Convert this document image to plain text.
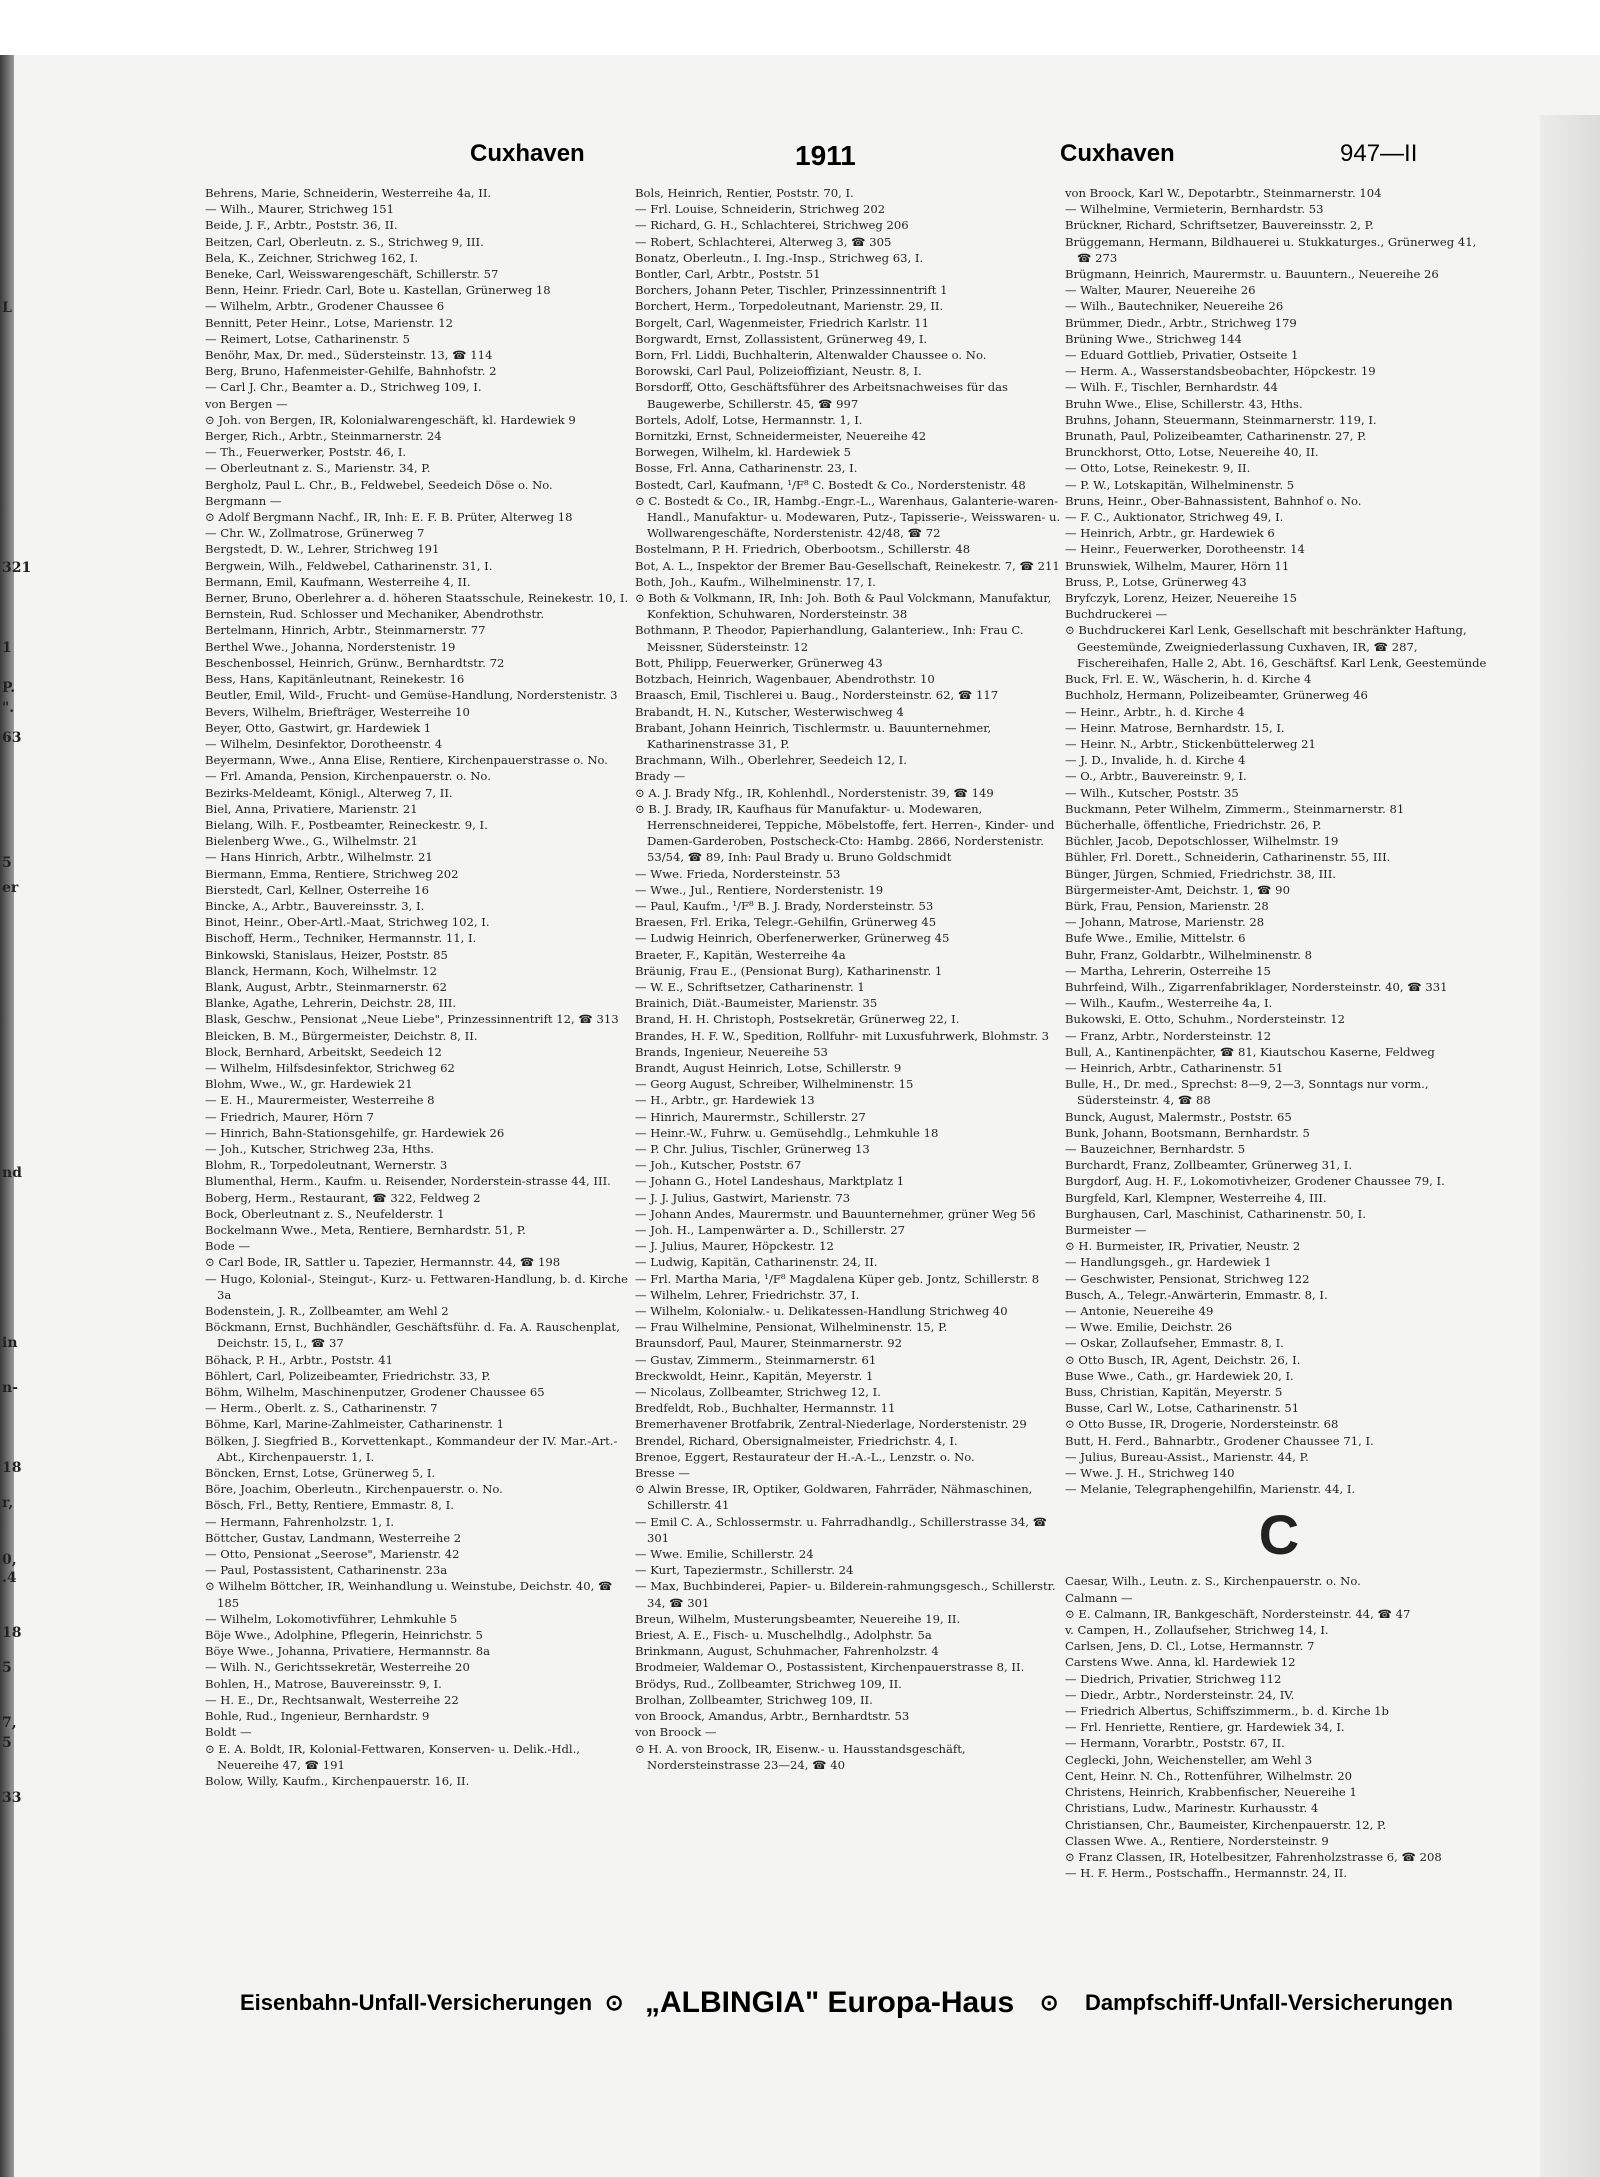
L
321
1
P.
".
63
5
er
nd
in
n-
18
r,
0,
.4
18
5
7,
5
33
Cuxhaven	1911	Cuxhaven	947—II
Behrens, Marie, Schneiderin, Westerreihe 4a, II.
— Wilh., Maurer, Strichweg 151
Beide, J. F., Arbtr., Poststr. 36, II.
Beitzen, Carl, Oberleutn. z. S., Strichweg 9, III.
Bela, K., Zeichner, Strichweg 162, I.
Beneke, Carl, Weisswarengeschäft, Schillerstr. 57
Benn, Heinr. Friedr. Carl, Bote u. Kastellan, Grünerweg 18
— Wilhelm, Arbtr., Grodener Chaussee 6
Bennitt, Peter Heinr., Lotse, Marienstr. 12
— Reimert, Lotse, Catharinenstr. 5
Benöhr, Max, Dr. med., Südersteinstr. 13, ☎ 114
Berg, Bruno, Hafenmeister-Gehilfe, Bahnhofstr. 2
— Carl J. Chr., Beamter a. D., Strichweg 109, I.
von Bergen —
⊙ Joh. von Bergen, IR, Kolonialwarengeschäft, kl. Hardewiek 9
Berger, Rich., Arbtr., Steinmarnerstr. 24
— Th., Feuerwerker, Poststr. 46, I.
— Oberleutnant z. S., Marienstr. 34, P.
Bergholz, Paul L. Chr., B., Feldwebel, Seedeich Döse o. No.
Bergmann —
⊙ Adolf Bergmann Nachf., IR, Inh: E. F. B. Prüter, Alterweg 18
— Chr. W., Zollmatrose, Grünerweg 7
Bergstedt, D. W., Lehrer, Strichweg 191
Bergwein, Wilh., Feldwebel, Catharinenstr. 31, I.
Bermann, Emil, Kaufmann, Westerreihe 4, II.
Berner, Bruno, Oberlehrer a. d. höheren Staatsschule, Reinekestr. 10, I.
Bernstein, Rud. Schlosser und Mechaniker, Abendrothstr.
Bertelmann, Hinrich, Arbtr., Steinmarnerstr. 77
Berthel Wwe., Johanna, Norderstenistr. 19
Beschenbossel, Heinrich, Grünw., Bernhardtstr. 72
Bess, Hans, Kapitänleutnant, Reinekestr. 16
Beutler, Emil, Wild-, Frucht- und Gemüse-Handlung, Norderstenistr. 3
Bevers, Wilhelm, Briefträger, Westerreihe 10
Beyer, Otto, Gastwirt, gr. Hardewiek 1
— Wilhelm, Desinfektor, Dorotheenstr. 4
Beyermann, Wwe., Anna Elise, Rentiere, Kirchenpauerstrasse o. No.
— Frl. Amanda, Pension, Kirchenpauerstr. o. No.
Bezirks-Meldeamt, Königl., Alterweg 7, II.
Biel, Anna, Privatiere, Marienstr. 21
Bielang, Wilh. F., Postbeamter, Reineckestr. 9, I.
Bielenberg Wwe., G., Wilhelmstr. 21
— Hans Hinrich, Arbtr., Wilhelmstr. 21
Biermann, Emma, Rentiere, Strichweg 202
Bierstedt, Carl, Kellner, Osterreihe 16
Bincke, A., Arbtr., Bauvereinsstr. 3, I.
Binot, Heinr., Ober-Artl.-Maat, Strichweg 102, I.
Bischoff, Herm., Techniker, Hermannstr. 11, I.
Binkowski, Stanislaus, Heizer, Poststr. 85
Blanck, Hermann, Koch, Wilhelmstr. 12
Blank, August, Arbtr., Steinmarnerstr. 62
Blanke, Agathe, Lehrerin, Deichstr. 28, III.
Blask, Geschw., Pensionat „Neue Liebe", Prinzessinnentrift 12, ☎ 313
Bleicken, B. M., Bürgermeister, Deichstr. 8, II.
Block, Bernhard, Arbeitskt, Seedeich 12
— Wilhelm, Hilfsdesinfektor, Strichweg 62
Blohm, Wwe., W., gr. Hardewiek 21
— E. H., Maurermeister, Westerreihe 8
— Friedrich, Maurer, Hörn 7
— Hinrich, Bahn-Stationsgehilfe, gr. Hardewiek 26
— Joh., Kutscher, Strichweg 23a, Hths.
Blohm, R., Torpedoleutnant, Wernerstr. 3
Blumenthal, Herm., Kaufm. u. Reisender, Norderstein-strasse 44, III.
Boberg, Herm., Restaurant, ☎ 322, Feldweg 2
Bock, Oberleutnant z. S., Neufelderstr. 1
Bockelmann Wwe., Meta, Rentiere, Bernhardstr. 51, P.
Bode —
⊙ Carl Bode, IR, Sattler u. Tapezier, Hermannstr. 44, ☎ 198
— Hugo, Kolonial-, Steingut-, Kurz- u. Fettwaren-Handlung, b. d. Kirche 3a
Bodenstein, J. R., Zollbeamter, am Wehl 2
Böckmann, Ernst, Buchhändler, Geschäftsführ. d. Fa. A. Rauschenplat, Deichstr. 15, I., ☎ 37
Böhack, P. H., Arbtr., Poststr. 41
Böhlert, Carl, Polizeibeamter, Friedrichstr. 33, P.
Böhm, Wilhelm, Maschinenputzer, Grodener Chaussee 65
— Herm., Oberlt. z. S., Catharinenstr. 7
Böhme, Karl, Marine-Zahlmeister, Catharinenstr. 1
Bölken, J. Siegfried B., Korvettenkapt., Kommandeur der IV. Mar.-Art.-Abt., Kirchenpauerstr. 1, I.
Böncken, Ernst, Lotse, Grünerweg 5, I.
Böre, Joachim, Oberleutn., Kirchenpauerstr. o. No.
Bösch, Frl., Betty, Rentiere, Emmastr. 8, I.
— Hermann, Fahrenholzstr. 1, I.
Böttcher, Gustav, Landmann, Westerreihe 2
— Otto, Pensionat „Seerose", Marienstr. 42
— Paul, Postassistent, Catharinenstr. 23a
⊙ Wilhelm Böttcher, IR, Weinhandlung u. Weinstube, Deichstr. 40, ☎ 185
— Wilhelm, Lokomotivführer, Lehmkuhle 5
Böje Wwe., Adolphine, Pflegerin, Heinrichstr. 5
Böye Wwe., Johanna, Privatiere, Hermannstr. 8a
— Wilh. N., Gerichtssekretär, Westerreihe 20
Bohlen, H., Matrose, Bauvereinsstr. 9, I.
— H. E., Dr., Rechtsanwalt, Westerreihe 22
Bohle, Rud., Ingenieur, Bernhardstr. 9
Boldt —
⊙ E. A. Boldt, IR, Kolonial-Fettwaren, Konserven- u. Delik.-Hdl., Neuereihe 47, ☎ 191
Bolow, Willy, Kaufm., Kirchenpauerstr. 16, II.
Bols, Heinrich, Rentier, Poststr. 70, I.
— Frl. Louise, Schneiderin, Strichweg 202
— Richard, G. H., Schlachterei, Strichweg 206
— Robert, Schlachterei, Alterweg 3, ☎ 305
Bonatz, Oberleutn., I. Ing.-Insp., Strichweg 63, I.
Bontler, Carl, Arbtr., Poststr. 51
Borchers, Johann Peter, Tischler, Prinzessinnentrift 1
Borchert, Herm., Torpedoleutnant, Marienstr. 29, II.
Borgelt, Carl, Wagenmeister, Friedrich Karlstr. 11
Borgwardt, Ernst, Zollassistent, Grünerweg 49, I.
Born, Frl. Liddi, Buchhalterin, Altenwalder Chaussee o. No.
Borowski, Carl Paul, Polizeioffiziant, Neustr. 8, I.
Borsdorff, Otto, Geschäftsführer des Arbeitsnachweises für das Baugewerbe, Schillerstr. 45, ☎ 997
Bortels, Adolf, Lotse, Hermannstr. 1, I.
Bornitzki, Ernst, Schneidermeister, Neuereihe 42
Borwegen, Wilhelm, kl. Hardewiek 5
Bosse, Frl. Anna, Catharinenstr. 23, I.
Bostedt, Carl, Kaufmann, ¹/F⁸ C. Bostedt & Co., Norderstenistr. 48
⊙ C. Bostedt & Co., IR, Hambg.-Engr.-L., Warenhaus, Galanterie-waren-Handl., Manufaktur- u. Modewaren, Putz-, Tapisserie-, Weisswaren- u. Wollwarengeschäfte, Norderstenistr. 42/48, ☎ 72
Bostelmann, P. H. Friedrich, Oberbootsm., Schillerstr. 48
Bot, A. L., Inspektor der Bremer Bau-Gesellschaft, Reinekestr. 7, ☎ 211
Both, Joh., Kaufm., Wilhelminenstr. 17, I.
⊙ Both & Volkmann, IR, Inh: Joh. Both & Paul Volckmann, Manufaktur, Konfektion, Schuhwaren, Nordersteinstr. 38
Bothmann, P. Theodor, Papierhandlung, Galanteriew., Inh: Frau C. Meissner, Südersteinstr. 12
Bott, Philipp, Feuerwerker, Grünerweg 43
Botzbach, Heinrich, Wagenbauer, Abendrothstr. 10
Braasch, Emil, Tischlerei u. Baug., Nordersteinstr. 62, ☎ 117
Brabandt, H. N., Kutscher, Westerwischweg 4
Brabant, Johann Heinrich, Tischlermstr. u. Bauunternehmer, Katharinenstrasse 31, P.
Brachmann, Wilh., Oberlehrer, Seedeich 12, I.
Brady —
⊙ A. J. Brady Nfg., IR, Kohlenhdl., Norderstenistr. 39, ☎ 149
⊙ B. J. Brady, IR, Kaufhaus für Manufaktur- u. Modewaren, Herrenschneiderei, Teppiche, Möbelstoffe, fert. Herren-, Kinder- und Damen-Garderoben, Postscheck-Cto: Hambg. 2866, Norderstenistr. 53/54, ☎ 89, Inh: Paul Brady u. Bruno Goldschmidt
— Wwe. Frieda, Nordersteinstr. 53
— Wwe., Jul., Rentiere, Norderstenistr. 19
— Paul, Kaufm., ¹/F⁸ B. J. Brady, Nordersteinstr. 53
Braesen, Frl. Erika, Telegr.-Gehilfin, Grünerweg 45
— Ludwig Heinrich, Oberfenerwerker, Grünerweg 45
Braeter, F., Kapitän, Westerreihe 4a
Bräunig, Frau E., (Pensionat Burg), Katharinenstr. 1
— W. E., Schriftsetzer, Catharinenstr. 1
Brainich, Diät.-Baumeister, Marienstr. 35
Brand, H. H. Christoph, Postsekretär, Grünerweg 22, I.
Brandes, H. F. W., Spedition, Rollfuhr- mit Luxusfuhrwerk, Blohmstr. 3
Brands, Ingenieur, Neuereihe 53
Brandt, August Heinrich, Lotse, Schillerstr. 9
— Georg August, Schreiber, Wilhelminenstr. 15
— H., Arbtr., gr. Hardewiek 13
— Hinrich, Maurermstr., Schillerstr. 27
— Heinr.-W., Fuhrw. u. Gemüsehdlg., Lehmkuhle 18
— P. Chr. Julius, Tischler, Grünerweg 13
— Joh., Kutscher, Poststr. 67
— Johann G., Hotel Landeshaus, Marktplatz 1
— J. J. Julius, Gastwirt, Marienstr. 73
— Johann Andes, Maurermstr. und Bauunternehmer, grüner Weg 56
— Joh. H., Lampenwärter a. D., Schillerstr. 27
— J. Julius, Maurer, Höpckestr. 12
— Ludwig, Kapitän, Catharinenstr. 24, II.
— Frl. Martha Maria, ¹/F⁸ Magdalena Küper geb. Jontz, Schillerstr. 8
— Wilhelm, Lehrer, Friedrichstr. 37, I.
— Wilhelm, Kolonialw.- u. Delikatessen-Handlung Strichweg 40
— Frau Wilhelmine, Pensionat, Wilhelminenstr. 15, P.
Braunsdorf, Paul, Maurer, Steinmarnerstr. 92
— Gustav, Zimmerm., Steinmarnerstr. 61
Breckwoldt, Heinr., Kapitän, Meyerstr. 1
— Nicolaus, Zollbeamter, Strichweg 12, I.
Bredfeldt, Rob., Buchhalter, Hermannstr. 11
Bremerhavener Brotfabrik, Zentral-Niederlage, Norderstenistr. 29
Brendel, Richard, Obersignalmeister, Friedrichstr. 4, I.
Brenoe, Eggert, Restaurateur der H.-A.-L., Lenzstr. o. No.
Bresse —
⊙ Alwin Bresse, IR, Optiker, Goldwaren, Fahrräder, Nähmaschinen, Schillerstr. 41
— Emil C. A., Schlossermstr. u. Fahrradhandlg., Schillerstrasse 34, ☎ 301
— Wwe. Emilie, Schillerstr. 24
— Kurt, Tapeziermstr., Schillerstr. 24
— Max, Buchbinderei, Papier- u. Bilderein-rahmungsgesch., Schillerstr. 34, ☎ 301
Breun, Wilhelm, Musterungsbeamter, Neuereihe 19, II.
Briest, A. E., Fisch- u. Muschelhdlg., Adolphstr. 5a
Brinkmann, August, Schuhmacher, Fahrenholzstr. 4
Brodmeier, Waldemar O., Postassistent, Kirchenpauerstrasse 8, II.
Brödys, Rud., Zollbeamter, Strichweg 109, II.
Brolhan, Zollbeamter, Strichweg 109, II.
von Broock, Amandus, Arbtr., Bernhardtstr. 53
von Broock —
⊙ H. A. von Broock, IR, Eisenw.- u. Hausstandsgeschäft, Nordersteinstrasse 23—24, ☎ 40
von Broock, Karl W., Depotarbtr., Steinmarnerstr. 104
— Wilhelmine, Vermieterin, Bernhardstr. 53
Brückner, Richard, Schriftsetzer, Bauvereinsstr. 2, P.
Brüggemann, Hermann, Bildhauerei u. Stukkaturges., Grünerweg 41, ☎ 273
Brügmann, Heinrich, Maurermstr. u. Bauuntern., Neuereihe 26
— Walter, Maurer, Neuereihe 26
— Wilh., Bautechniker, Neuereihe 26
Brümmer, Diedr., Arbtr., Strichweg 179
Brüning Wwe., Strichweg 144
— Eduard Gottlieb, Privatier, Ostseite 1
— Herm. A., Wasserstandsbeobachter, Höpckestr. 19
— Wilh. F., Tischler, Bernhardstr. 44
Bruhn Wwe., Elise, Schillerstr. 43, Hths.
Bruhns, Johann, Steuermann, Steinmarnerstr. 119, I.
Brunath, Paul, Polizeibeamter, Catharinenstr. 27, P.
Brunckhorst, Otto, Lotse, Neuereihe 40, II.
— Otto, Lotse, Reinekestr. 9, II.
— P. W., Lotskapitän, Wilhelminenstr. 5
Bruns, Heinr., Ober-Bahnassistent, Bahnhof o. No.
— F. C., Auktionator, Strichweg 49, I.
— Heinrich, Arbtr., gr. Hardewiek 6
— Heinr., Feuerwerker, Dorotheenstr. 14
Brunswiek, Wilhelm, Maurer, Hörn 11
Bruss, P., Lotse, Grünerweg 43
Bryfczyk, Lorenz, Heizer, Neuereihe 15
Buchdruckerei —
⊙ Buchdruckerei Karl Lenk, Gesellschaft mit beschränkter Haftung, Geestemünde, Zweigniederlassung Cuxhaven, IR, ☎ 287, Fischereihafen, Halle 2, Abt. 16, Geschäftsf. Karl Lenk, Geestemünde
Buck, Frl. E. W., Wäscherin, h. d. Kirche 4
Buchholz, Hermann, Polizeibeamter, Grünerweg 46
— Heinr., Arbtr., h. d. Kirche 4
— Heinr. Matrose, Bernhardstr. 15, I.
— Heinr. N., Arbtr., Stickenbüttelerweg 21
— J. D., Invalide, h. d. Kirche 4
— O., Arbtr., Bauvereinstr. 9, I.
— Wilh., Kutscher, Poststr. 35
Buckmann, Peter Wilhelm, Zimmerm., Steinmarnerstr. 81
Bücherhalle, öffentliche, Friedrichstr. 26, P.
Büchler, Jacob, Depotschlosser, Wilhelmstr. 19
Bühler, Frl. Dorett., Schneiderin, Catharinenstr. 55, III.
Bünger, Jürgen, Schmied, Friedrichstr. 38, III.
Bürgermeister-Amt, Deichstr. 1, ☎ 90
Bürk, Frau, Pension, Marienstr. 28
— Johann, Matrose, Marienstr. 28
Bufe Wwe., Emilie, Mittelstr. 6
Buhr, Franz, Goldarbtr., Wilhelminenstr. 8
— Martha, Lehrerin, Osterreihe 15
Buhrfeind, Wilh., Zigarrenfabriklager, Nordersteinstr. 40, ☎ 331
— Wilh., Kaufm., Westerreihe 4a, I.
Bukowski, E. Otto, Schuhm., Nordersteinstr. 12
— Franz, Arbtr., Nordersteinstr. 12
Bull, A., Kantinenpächter, ☎ 81, Kiautschou Kaserne, Feldweg
— Heinrich, Arbtr., Catharinenstr. 51
Bulle, H., Dr. med., Sprechst: 8—9, 2—3, Sonntags nur vorm., Südersteinstr. 4, ☎ 88
Bunck, August, Malermstr., Poststr. 65
Bunk, Johann, Bootsmann, Bernhardstr. 5
— Bauzeichner, Bernhardstr. 5
Burchardt, Franz, Zollbeamter, Grünerweg 31, I.
Burgdorf, Aug. H. F., Lokomotivheizer, Grodener Chaussee 79, I.
Burgfeld, Karl, Klempner, Westerreihe 4, III.
Burghausen, Carl, Maschinist, Catharinenstr. 50, I.
Burmeister —
⊙ H. Burmeister, IR, Privatier, Neustr. 2
— Handlungsgeh., gr. Hardewiek 1
— Geschwister, Pensionat, Strichweg 122
Busch, A., Telegr.-Anwärterin, Emmastr. 8, I.
— Antonie, Neuereihe 49
— Wwe. Emilie, Deichstr. 26
— Oskar, Zollaufseher, Emmastr. 8, I.
⊙ Otto Busch, IR, Agent, Deichstr. 26, I.
Buse Wwe., Cath., gr. Hardewiek 20, I.
Buss, Christian, Kapitän, Meyerstr. 5
Busse, Carl W., Lotse, Catharinenstr. 51
⊙ Otto Busse, IR, Drogerie, Nordersteinstr. 68
Butt, H. Ferd., Bahnarbtr., Grodener Chaussee 71, I.
— Julius, Bureau-Assist., Marienstr. 44, P.
— Wwe. J. H., Strichweg 140
— Melanie, Telegraphengehilfin, Marienstr. 44, I.
C
Caesar, Wilh., Leutn. z. S., Kirchenpauerstr. o. No.
Calmann —
⊙ E. Calmann, IR, Bankgeschäft, Nordersteinstr. 44, ☎ 47
v. Campen, H., Zollaufseher, Strichweg 14, I.
Carlsen, Jens, D. Cl., Lotse, Hermannstr. 7
Carstens Wwe. Anna, kl. Hardewiek 12
— Diedrich, Privatier, Strichweg 112
— Diedr., Arbtr., Nordersteinstr. 24, IV.
— Friedrich Albertus, Schiffszimmerm., b. d. Kirche 1b
— Frl. Henriette, Rentiere, gr. Hardewiek 34, I.
— Hermann, Vorarbtr., Poststr. 67, II.
Ceglecki, John, Weichensteller, am Wehl 3
Cent, Heinr. N. Ch., Rottenführer, Wilhelmstr. 20
Christens, Heinrich, Krabbenfischer, Neuereihe 1
Christians, Ludw., Marinestr. Kurhausstr. 4
Christiansen, Chr., Baumeister, Kirchenpauerstr. 12, P.
Classen Wwe. A., Rentiere, Nordersteinstr. 9
⊙ Franz Classen, IR, Hotelbesitzer, Fahrenholzstrasse 6, ☎ 208
— H. F. Herm., Postschaffn., Hermannstr. 24, II.
Eisenbahn-Unfall-Versicherungen ⊙ „ALBINGIA" Europa-Haus ⊙ Dampfschiff-Unfall-Versicherungen
